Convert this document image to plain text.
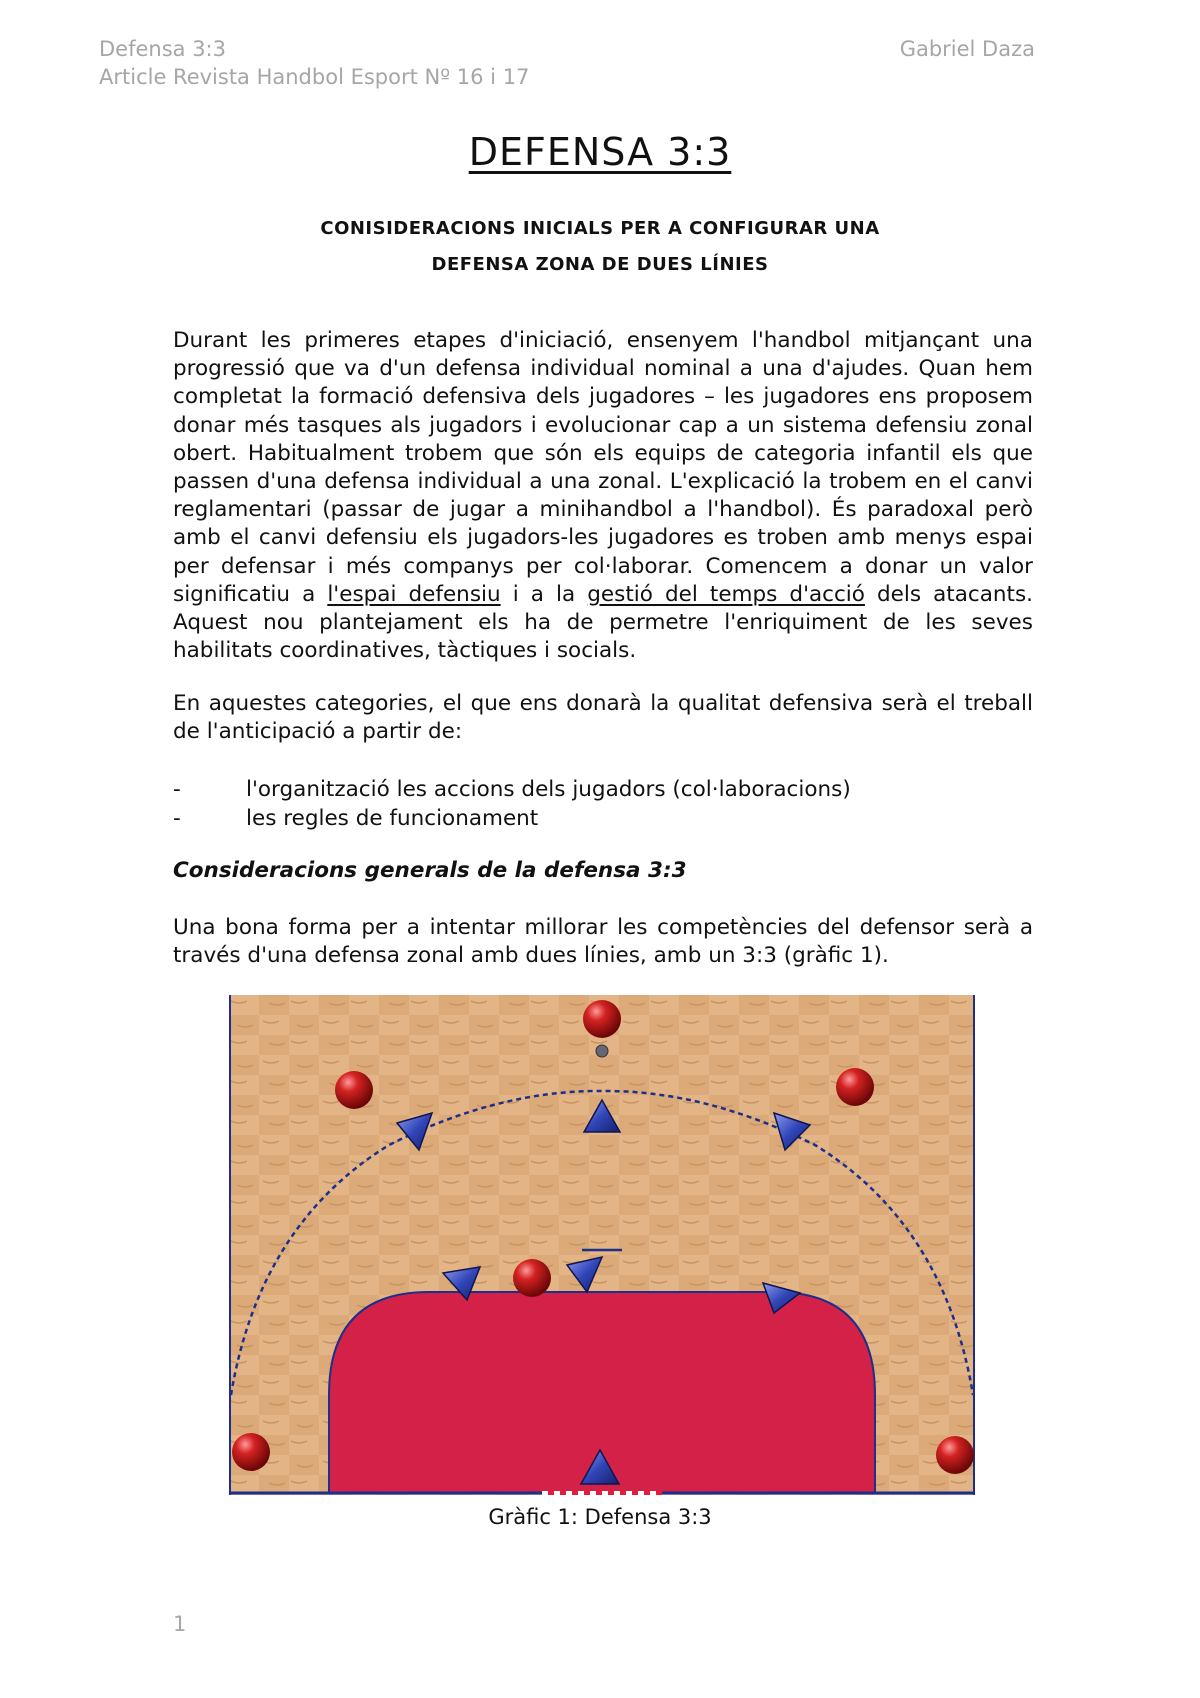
Defensa 3:3	Gabriel Daza
Article Revista Handbol Esport Nº 16 i 17
DEFENSA 3:3
CONISIDERACIONS INICIALS PER A CONFIGURAR UNA
DEFENSA ZONA DE DUES LÍNIES

Durant les primeres etapes d'iniciació, ensenyem l'handbol mitjançant una progressió que va d'un defensa individual nominal a una d'ajudes. Quan hem completat la formació defensiva dels jugadores – les jugadores ens proposem donar més tasques als jugadors i evolucionar cap a un sistema defensiu zonal obert. Habitualment trobem que són els equips de categoria infantil els que passen d'una defensa individual a una zonal. L'explicació la trobem en el canvi reglamentari (passar de jugar a minihandbol a l'handbol). És paradoxal però amb el canvi defensiu els jugadors-les jugadores es troben amb menys espai per defensar i més companys per col·laborar. Comencem a donar un valor significatiu a l'espai defensiu i a la gestió del temps d'acció dels atacants. Aquest nou plantejament els ha de permetre l'enriquiment de les seves habilitats coordinatives, tàctiques i socials.

En aquestes categories, el que ens donarà la qualitat defensiva serà el treball de l'anticipació a partir de:
-	l'organització les accions dels jugadors (col·laboracions)
-	les regles de funcionament
Consideracions generals de la defensa 3:3
Una bona forma per a intentar millorar les competències del defensor serà a través d'una defensa zonal amb dues línies, amb un 3:3 (gràfic 1).
Gràfic 1: Defensa 3:3
1
